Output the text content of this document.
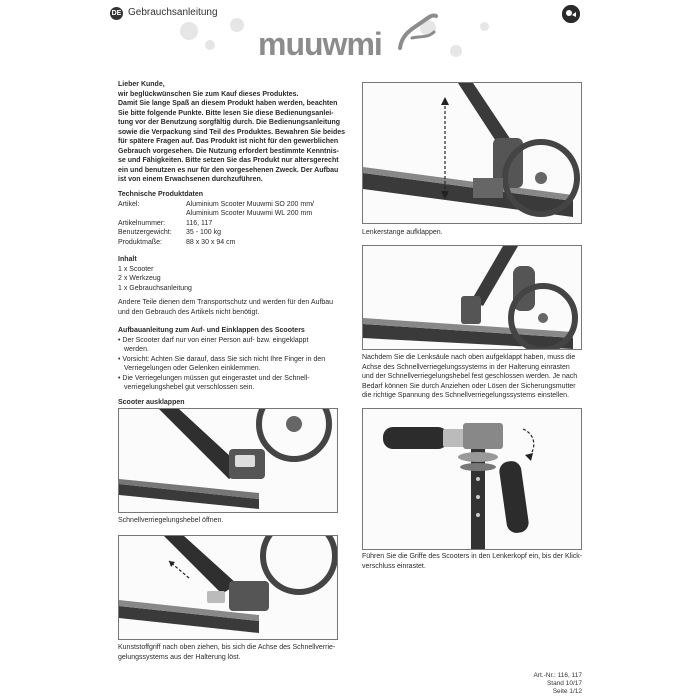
DE Gebrauchsanleitung
muuwmi
Lieber Kunde,
wir beglückwünschen Sie zum Kauf dieses Produktes.
Damit Sie lange Spaß an diesem Produkt haben werden, beachten
Sie bitte folgende Punkte. Bitte lesen Sie diese Bedienungsanlei-
tung vor der Benutzung sorgfältig durch. Die Bedienungsanleitung
sowie die Verpackung sind Teil des Produktes. Bewahren Sie beides
für spätere Fragen auf. Das Produkt ist nicht für den gewerblichen
Gebrauch vorgesehen. Die Nutzung erfordert bestimmte Kenntnis-
se und Fähigkeiten. Bitte setzen Sie das Produkt nur altersgerecht
ein und benutzen es nur für den vorgesehenen Zweck. Der Aufbau
ist von einem Erwachsenen durchzuführen.
Technische Produktdaten
Artikel:	Aluminium Scooter Muuwmi SO 200 mm/
Aluminium Scooter Muuwmi WL 200 mm
Artikelnummer:	116, 117
Benutzergewicht:	35 - 100 kg
Produktmaße:	88 x 30 x 94 cm
Inhalt
1 x Scooter
2 x Werkzeug
1 x Gebrauchsanleitung
Andere Teile dienen dem Transportschutz und werden für den Aufbau
und den Gebrauch des Artikels nicht benötigt.
Aufbauanleitung zum Auf- und Einklappen des Scooters
• Der Scooter darf nur von einer Person auf- bzw. eingeklappt
werden.
• Vorsicht: Achten Sie darauf, dass Sie sich nicht Ihre Finger in den
Verriegelungen oder Gelenken einklemmen.
• Die Verriegelungen müssen gut eingerastet und der Schnell-
verriegelungshebel gut verschlossen sein.
Scooter ausklappen
Schnellverriegelungshebel öffnen.
Kunststoffgriff nach oben ziehen, bis sich die Achse des Schnellverrie-
gelungssystems aus der Halterung löst.
Lenkerstange aufklappen.
Nachdem Sie die Lenksäule nach oben aufgeklappt haben, muss die
Achse des Schnellverriegelungssystems in der Halterung einrasten
und der Schnellverriegelungshebel fest geschlossen werden. Je nach
Bedarf können Sie durch Anziehen oder Lösen der Sicherungsmutter
die richtige Spannung des Schnellverriegelungssystems einstellen.
Führen Sie die Griffe des Scooters in den Lenkerkopf ein, bis der Klick-
verschluss einrastet.
Art.-Nr.: 116, 117
Stand 10/17
Seite 1/12
